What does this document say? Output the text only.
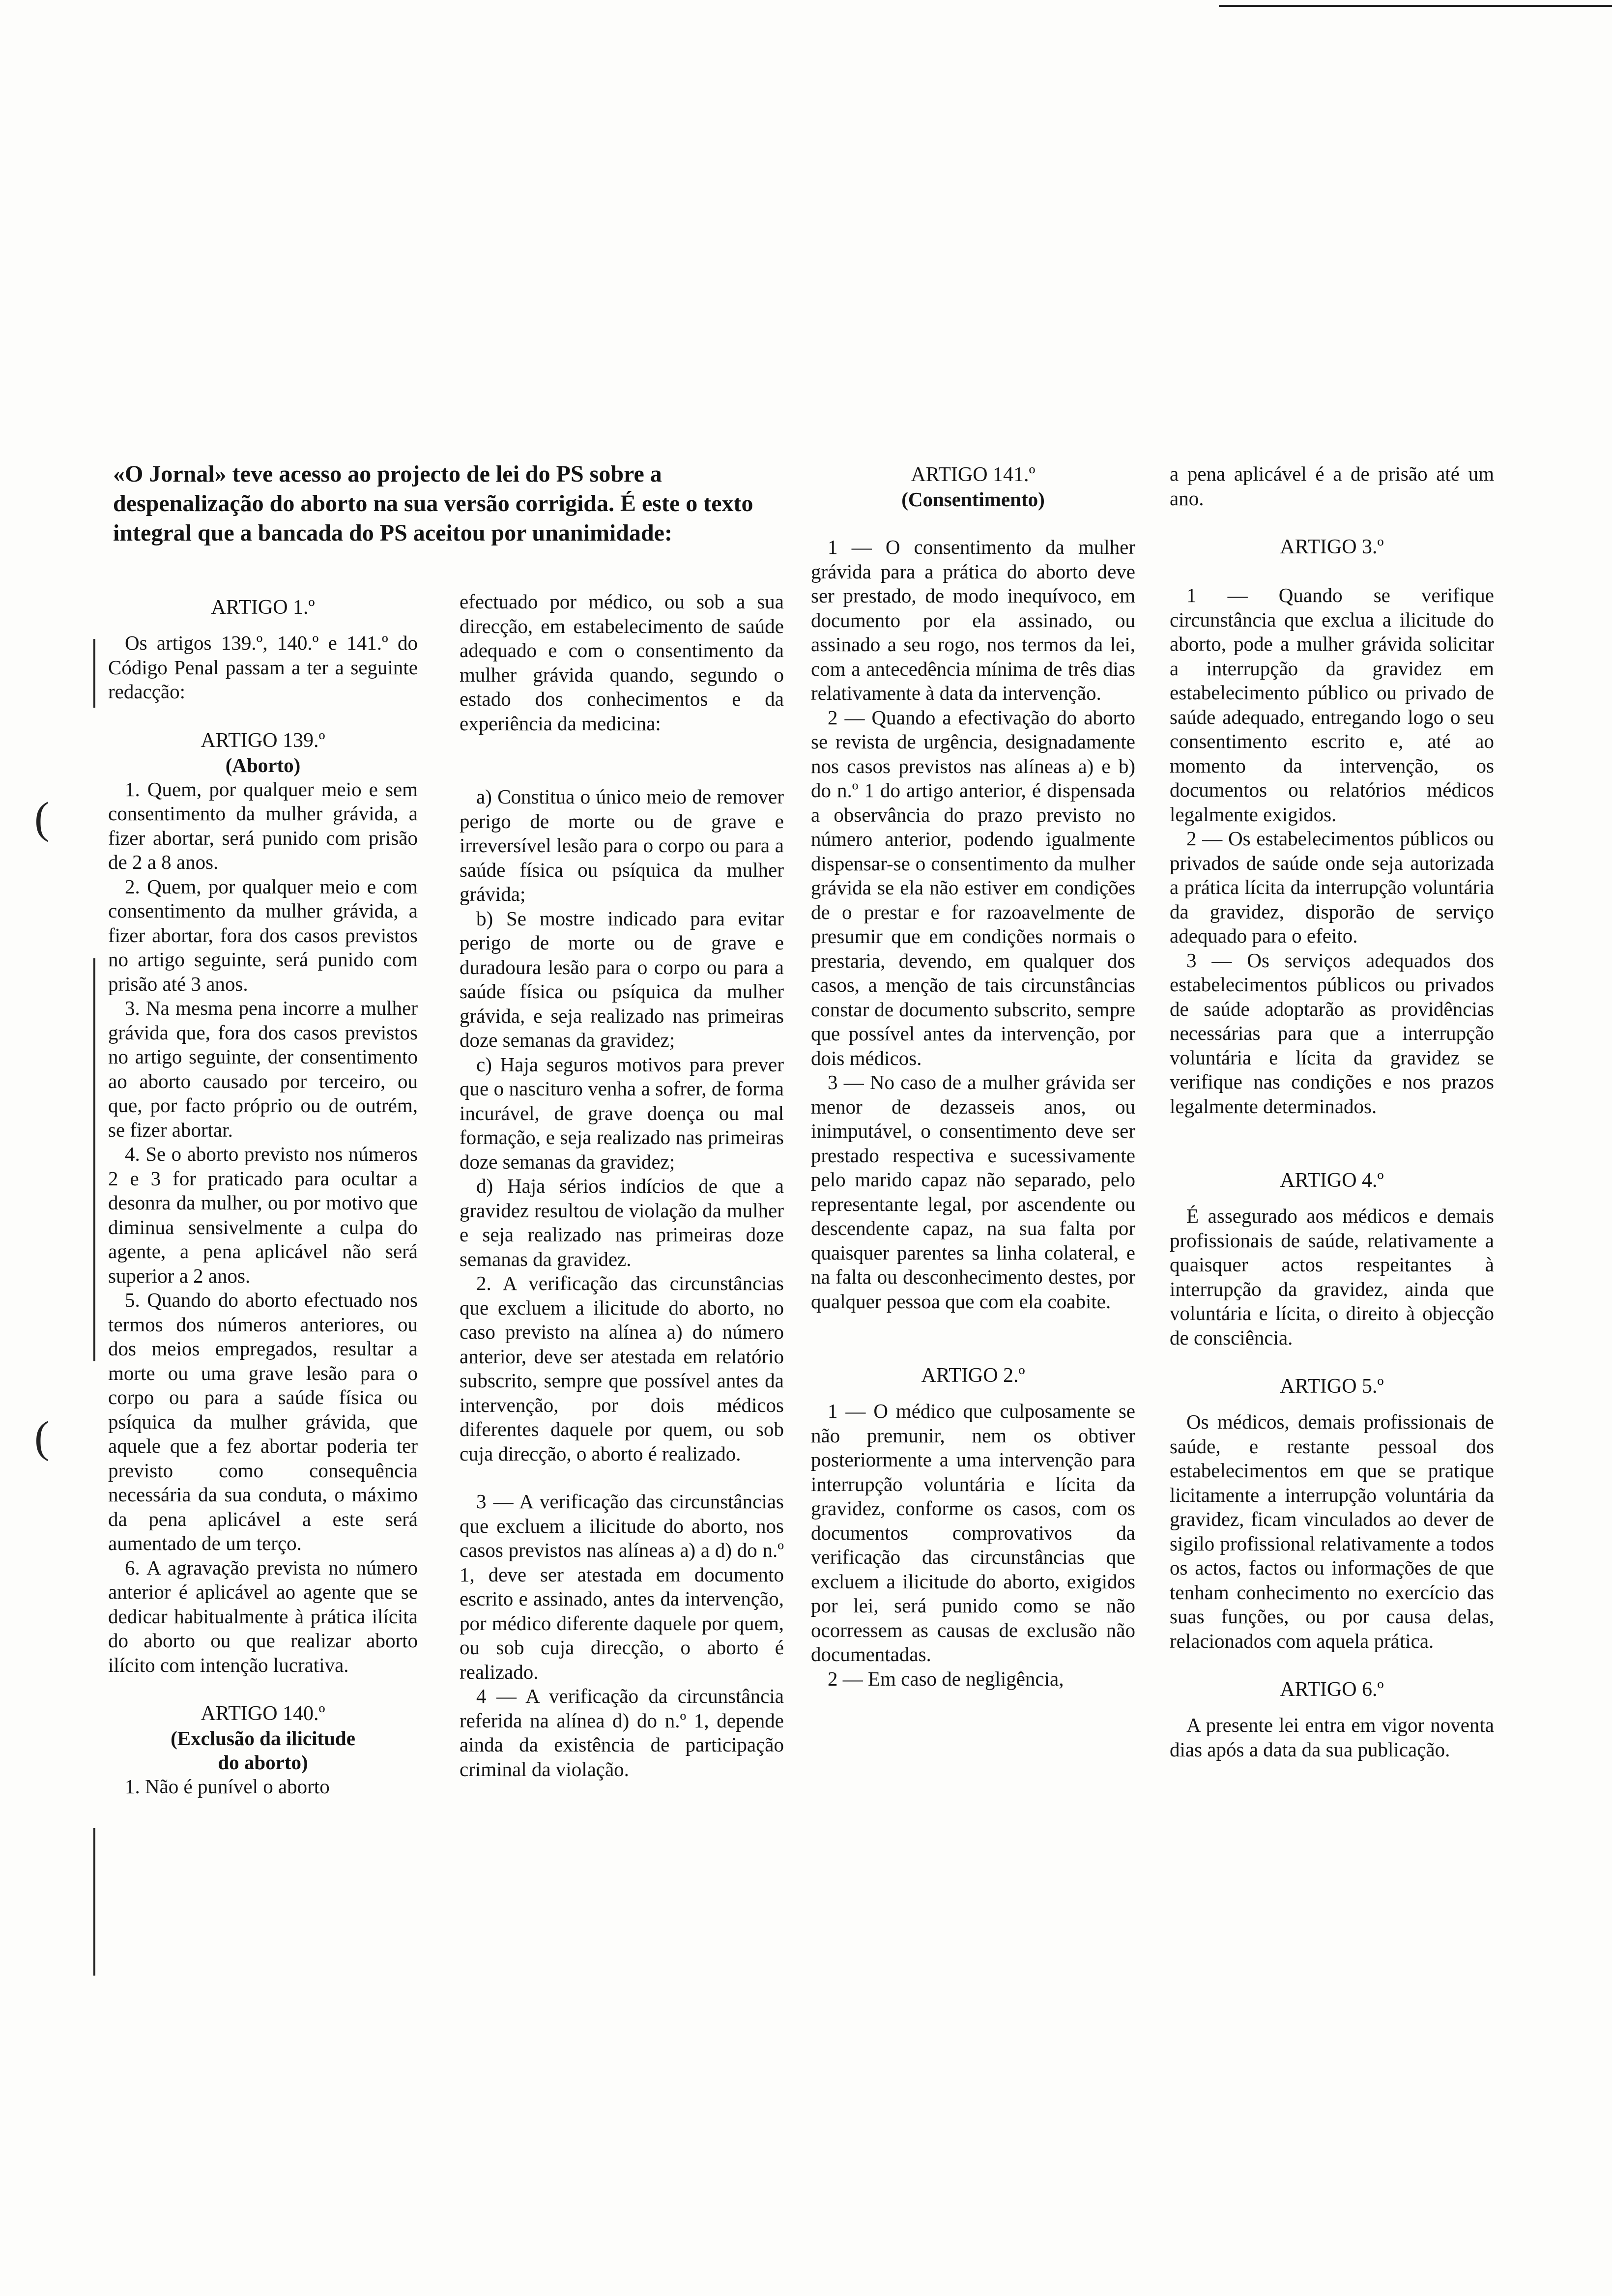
«O Jornal» teve acesso ao projecto de lei do PS sobre a despenalização do aborto na sua versão corrigida. É este o texto integral que a bancada do PS aceitou por unanimidade:
(
(
ARTIGO 1.º

Os artigos 139.º, 140.º e 141.º do Código Penal passam a ter a seguinte redacção:

ARTIGO 139.º
(Aborto)

1. Quem, por qualquer meio e sem consentimento da mulher grávida, a fizer abortar, será punido com prisão de 2 a 8 anos.

2. Quem, por qualquer meio e com consentimento da mulher grávida, a fizer abortar, fora dos casos previstos no artigo seguinte, será punido com prisão até 3 anos.

3. Na mesma pena incorre a mulher grávida que, fora dos casos previstos no artigo seguinte, der consentimento ao aborto causado por terceiro, ou que, por facto próprio ou de outrém, se fizer abortar.

4. Se o aborto previsto nos números 2 e 3 for praticado para ocultar a desonra da mulher, ou por motivo que diminua sensivelmente a culpa do agente, a pena aplicável não será superior a 2 anos.

5. Quando do aborto efectuado nos termos dos números anteriores, ou dos meios empregados, resultar a morte ou uma grave lesão para o corpo ou para a saúde física ou psíquica da mulher grávida, que aquele que a fez abortar poderia ter previsto como consequência necessária da sua conduta, o máximo da pena aplicável a este será aumentado de um terço.

6. A agravação prevista no número anterior é aplicável ao agente que se dedicar habitualmente à prática ilícita do aborto ou que realizar aborto ilícito com intenção lucrativa.

ARTIGO 140.º
(Exclusão da ilicitude
do aborto)

1. Não é punível o aborto

efectuado por médico, ou sob a sua direcção, em estabelecimento de saúde adequado e com o consentimento da mulher grávida quando, segundo o estado dos conhecimentos e da experiência da medicina:

a) Constitua o único meio de remover perigo de morte ou de grave e irreversível lesão para o corpo ou para a saúde física ou psíquica da mulher grávida;

b) Se mostre indicado para evitar perigo de morte ou de grave e duradoura lesão para o corpo ou para a saúde física ou psíquica da mulher grávida, e seja realizado nas primeiras doze semanas da gravidez;

c) Haja seguros motivos para prever que o nascituro venha a sofrer, de forma incurável, de grave doença ou mal formação, e seja realizado nas primeiras doze semanas da gravidez;

d) Haja sérios indícios de que a gravidez resultou de violação da mulher e seja realizado nas primeiras doze semanas da gravidez.

2. A verificação das circunstâncias que excluem a ilicitude do aborto, no caso previsto na alínea a) do número anterior, deve ser atestada em relatório subscrito, sempre que possível antes da intervenção, por dois médicos diferentes daquele por quem, ou sob cuja direcção, o aborto é realizado.

3 — A verificação das circunstâncias que excluem a ilicitude do aborto, nos casos previstos nas alíneas a) a d) do n.º 1, deve ser atestada em documento escrito e assinado, antes da intervenção, por médico diferente daquele por quem, ou sob cuja direcção, o aborto é realizado.

4 — A verificação da circunstância referida na alínea d) do n.º 1, depende ainda da existência de participação criminal da violação.

ARTIGO 141.º
(Consentimento)

1 — O consentimento da mulher grávida para a prática do aborto deve ser prestado, de modo inequívoco, em documento por ela assinado, ou assinado a seu rogo, nos termos da lei, com a antecedência mínima de três dias relativamente à data da intervenção.

2 — Quando a efectivação do aborto se revista de urgência, designadamente nos casos previstos nas alíneas a) e b) do n.º 1 do artigo anterior, é dispensada a observância do prazo previsto no número anterior, podendo igualmente dispensar-se o consentimento da mulher grávida se ela não estiver em condições de o prestar e for razoavelmente de presumir que em condições normais o prestaria, devendo, em qualquer dos casos, a menção de tais circunstâncias constar de documento subscrito, sempre que possível antes da intervenção, por dois médicos.

3 — No caso de a mulher grávida ser menor de dezasseis anos, ou inimputável, o consentimento deve ser prestado respectiva e sucessivamente pelo marido capaz não separado, pelo representante legal, por ascendente ou descendente capaz, na sua falta por quaisquer parentes sa linha colateral, e na falta ou desconhecimento destes, por qualquer pessoa que com ela coabite.

ARTIGO 2.º

1 — O médico que culposamente se não premunir, nem os obtiver posteriormente a uma intervenção para interrupção voluntária e lícita da gravidez, conforme os casos, com os documentos comprovativos da verificação das circunstâncias que excluem a ilicitude do aborto, exigidos por lei, será punido como se não ocorressem as causas de exclusão não documentadas.

2 — Em caso de negligência,

a pena aplicável é a de prisão até um ano.

ARTIGO 3.º

1 — Quando se verifique circunstância que exclua a ilicitude do aborto, pode a mulher grávida solicitar a interrupção da gravidez em estabelecimento público ou privado de saúde adequado, entregando logo o seu consentimento escrito e, até ao momento da intervenção, os documentos ou relatórios médicos legalmente exigidos.

2 — Os estabelecimentos públicos ou privados de saúde onde seja autorizada a prática lícita da interrupção voluntária da gravidez, disporão de serviço adequado para o efeito.

3 — Os serviços adequados dos estabelecimentos públicos ou privados de saúde adoptarão as providências necessárias para que a interrupção voluntária e lícita da gravidez se verifique nas condições e nos prazos legalmente determinados.

ARTIGO 4.º

É assegurado aos médicos e demais profissionais de saúde, relativamente a quaisquer actos respeitantes à interrupção da gravidez, ainda que voluntária e lícita, o direito à objecção de consciência.

ARTIGO 5.º

Os médicos, demais profissionais de saúde, e restante pessoal dos estabelecimentos em que se pratique licitamente a interrupção voluntária da gravidez, ficam vinculados ao dever de sigilo profissional relativamente a todos os actos, factos ou informações de que tenham conhecimento no exercício das suas funções, ou por causa delas, relacionados com aquela prática.

ARTIGO 6.º

A presente lei entra em vigor noventa dias após a data da sua publicação.
